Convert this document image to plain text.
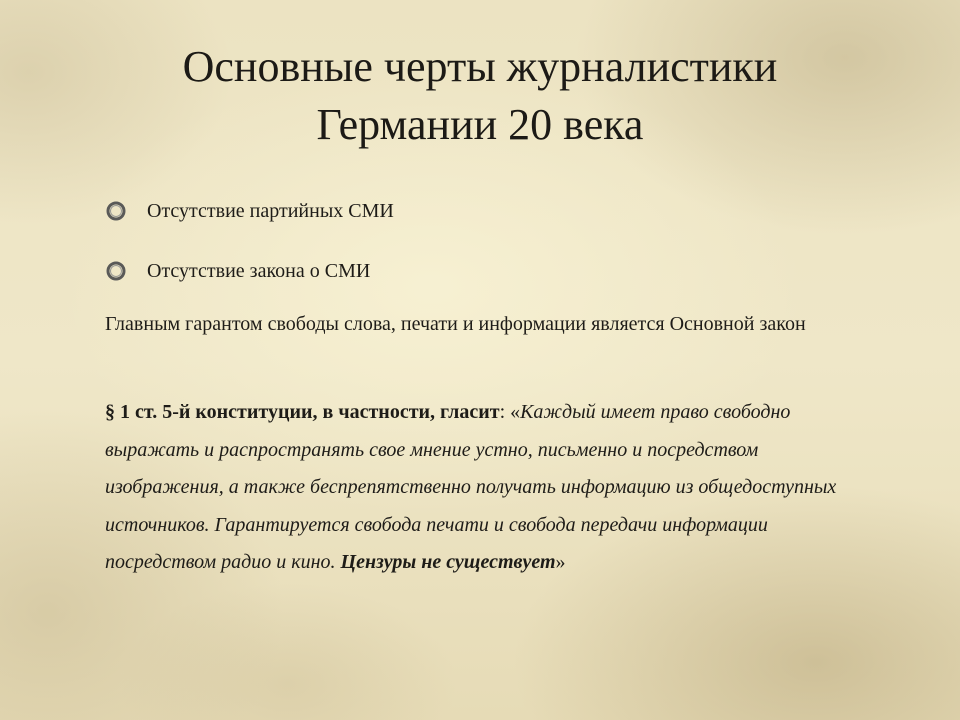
Основные черты журналистики
Германии 20 века
Отсутствие партийных СМИ
Отсутствие закона о СМИ

Главным гарантом свободы слова, печати и информации является Основной закон

§ 1 ст. 5-й конституции, в частности, гласит: «Каждый имеет право свободно выражать и распространять свое мнение устно, письменно и посредством изображения, а также беспрепятственно получать информацию из общедоступных источников. Гарантируется свобода печати и свобода передачи информации посредством радио и кино. Цензуры не существует»
